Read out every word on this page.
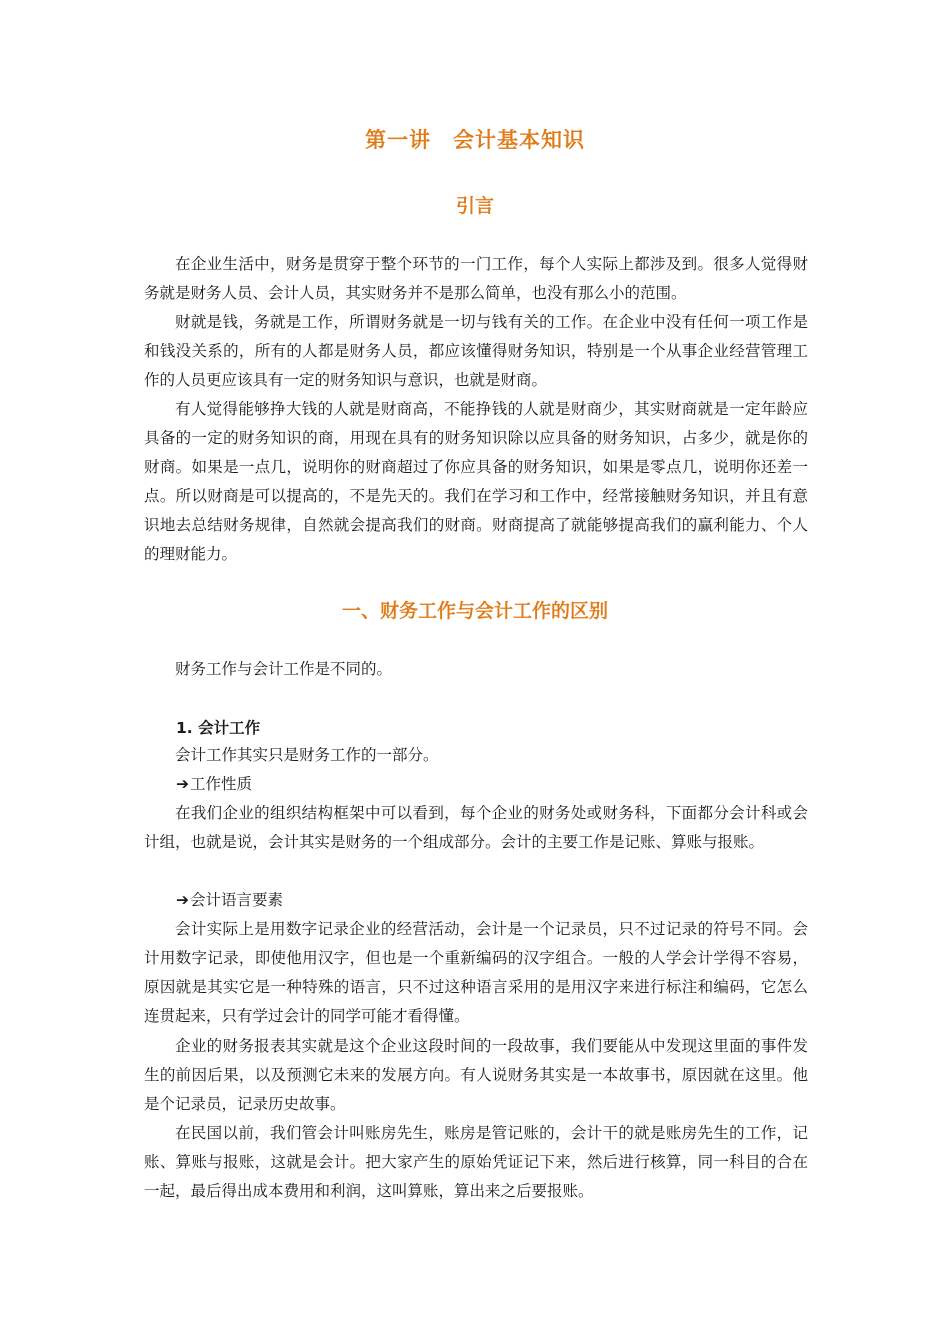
第一讲　会计基本知识
引言

在企业生活中，财务是贯穿于整个环节的一门工作，每个人实际上都涉及到。很多人觉得财务就是财务人员、会计人员，其实财务并不是那么简单，也没有那么小的范围。

财就是钱，务就是工作，所谓财务就是一切与钱有关的工作。在企业中没有任何一项工作是和钱没关系的，所有的人都是财务人员，都应该懂得财务知识，特别是一个从事企业经营管理工作的人员更应该具有一定的财务知识与意识，也就是财商。

有人觉得能够挣大钱的人就是财商高，不能挣钱的人就是财商少，其实财商就是一定年龄应具备的一定的财务知识的商，用现在具有的财务知识除以应具备的财务知识，占多少，就是你的财商。如果是一点几，说明你的财商超过了你应具备的财务知识，如果是零点几，说明你还差一点。所以财商是可以提高的，不是先天的。我们在学习和工作中，经常接触财务知识，并且有意识地去总结财务规律，自然就会提高我们的财商。财商提高了就能够提高我们的赢利能力、个人的理财能力。

一、财务工作与会计工作的区别

财务工作与会计工作是不同的。

1. 会计工作

会计工作其实只是财务工作的一部分。

➔工作性质

在我们企业的组织结构框架中可以看到，每个企业的财务处或财务科，下面都分会计科或会计组，也就是说，会计其实是财务的一个组成部分。会计的主要工作是记账、算账与报账。

➔会计语言要素

会计实际上是用数字记录企业的经营活动，会计是一个记录员，只不过记录的符号不同。会计用数字记录，即使他用汉字，但也是一个重新编码的汉字组合。一般的人学会计学得不容易，原因就是其实它是一种特殊的语言，只不过这种语言采用的是用汉字来进行标注和编码，它怎么连贯起来，只有学过会计的同学可能才看得懂。

企业的财务报表其实就是这个企业这段时间的一段故事，我们要能从中发现这里面的事件发生的前因后果，以及预测它未来的发展方向。有人说财务其实是一本故事书，原因就在这里。他是个记录员，记录历史故事。

在民国以前，我们管会计叫账房先生，账房是管记账的，会计干的就是账房先生的工作，记账、算账与报账，这就是会计。把大家产生的原始凭证记下来，然后进行核算，同一科目的合在一起，最后得出成本费用和利润，这叫算账，算出来之后要报账。
